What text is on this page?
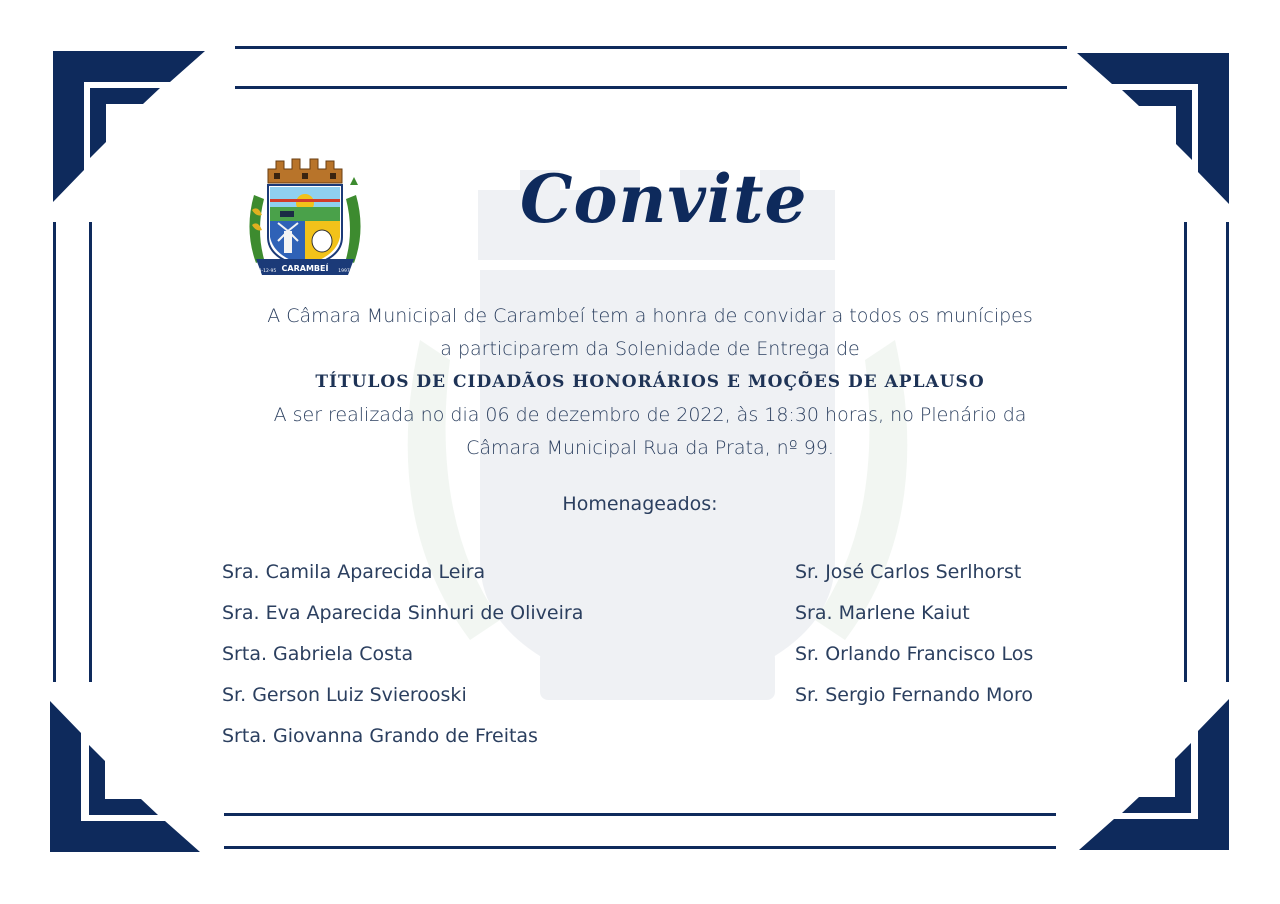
CARAMBEÍ
13-12-95	1997
Convite
A Câmara Municipal de Carambeí tem a honra de convidar a todos os munícipes
a participarem da Solenidade de Entrega de
TÍTULOS DE CIDADÃOS HONORÁRIOS E MOÇÕES DE APLAUSO
A ser realizada no dia 06 de dezembro de 2022, às 18:30 horas, no Plenário da
Câmara Municipal Rua da Prata, nº 99.
Homenageados:
Sra. Camila Aparecida Leira
Sra. Eva Aparecida Sinhuri de Oliveira
Srta. Gabriela Costa
Sr. Gerson Luiz Svierooski
Srta. Giovanna Grando de Freitas
Sr. José Carlos Serlhorst
Sra. Marlene Kaiut
Sr. Orlando Francisco Los
Sr. Sergio Fernando Moro
